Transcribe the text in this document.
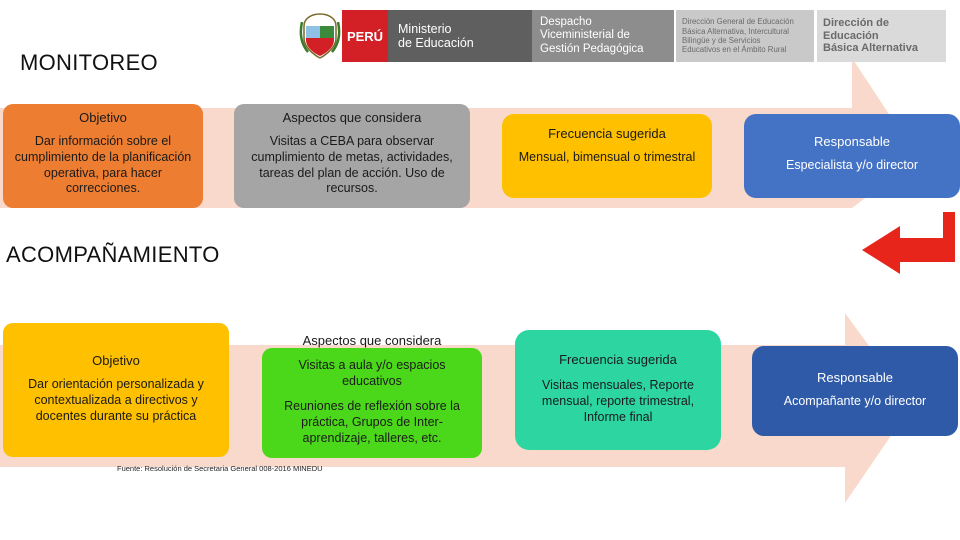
PERÚ Ministerio
de Educación
Despacho
Viceministerial de
Gestión Pedagógica
Dirección General de Educación
Básica Alternativa, Intercultural
Bilingüe y de Servicios
Educativos en el Ámbito Rural
Dirección de Educación
Básica Alternativa
MONITOREO
Objetivo
Dar información sobre el cumplimiento de la planificación operativa, para hacer correcciones.
Aspectos que considera
Visitas a CEBA para observar cumplimiento de metas, actividades, tareas del plan de acción. Uso de recursos.
Frecuencia sugerida
Mensual, bimensual o trimestral
Responsable
Especialista y/o director
ACOMPAÑAMIENTO
Objetivo
Dar orientación personalizada y contextualizada a directivos y docentes durante su práctica
Visitas a aula y/o espacios educativos
Reuniones de reflexión sobre la práctica, Grupos de Inter-aprendizaje, talleres, etc.
Aspectos que considera
Frecuencia sugerida
Visitas mensuales, Reporte mensual, reporte trimestral, Informe final
Responsable
Acompañante y/o director
Fuente: Resolución de Secretaria General 008-2016 MINEDU
